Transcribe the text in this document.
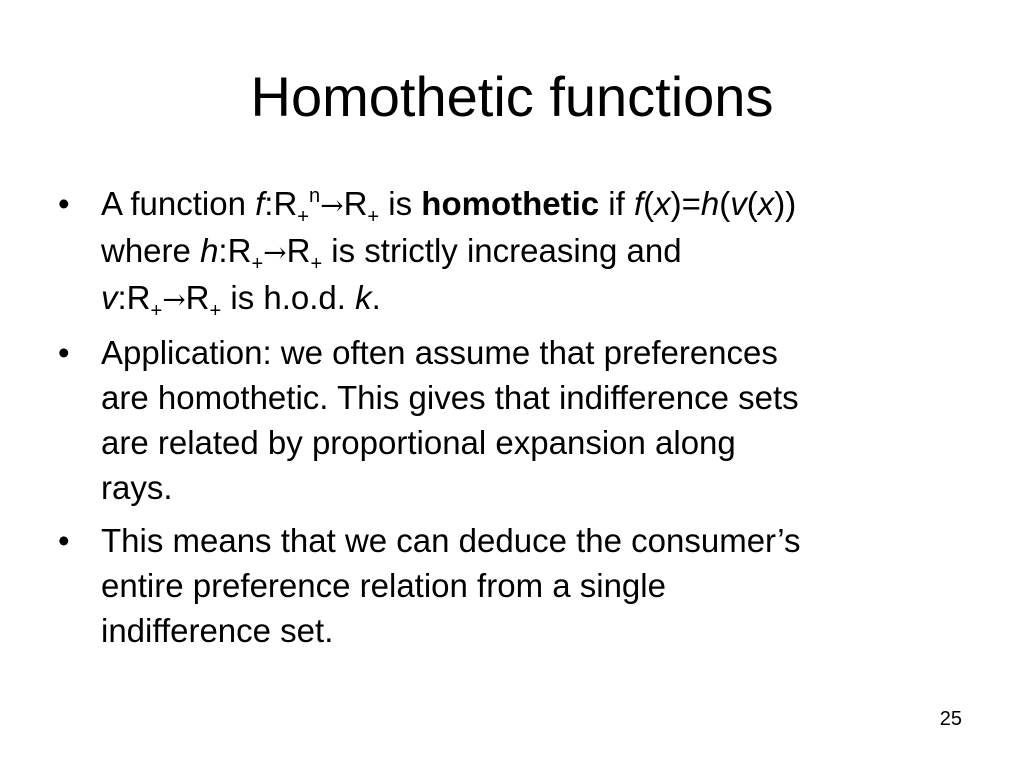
Homothetic functions
• A function $f:R_+^n\to R_+$ is homothetic if f(x)=h(v(x))
where $h:R_+\to R_+$ is strictly increasing and
$v:R_+\to R_+$ is h.o.d. k.
• Application: we often assume that preferences
are homothetic. This gives that indifference sets
are related by proportional expansion along
rays.
• This means that we can deduce the consumer’s
entire preference relation from a single
indifference set.
25
